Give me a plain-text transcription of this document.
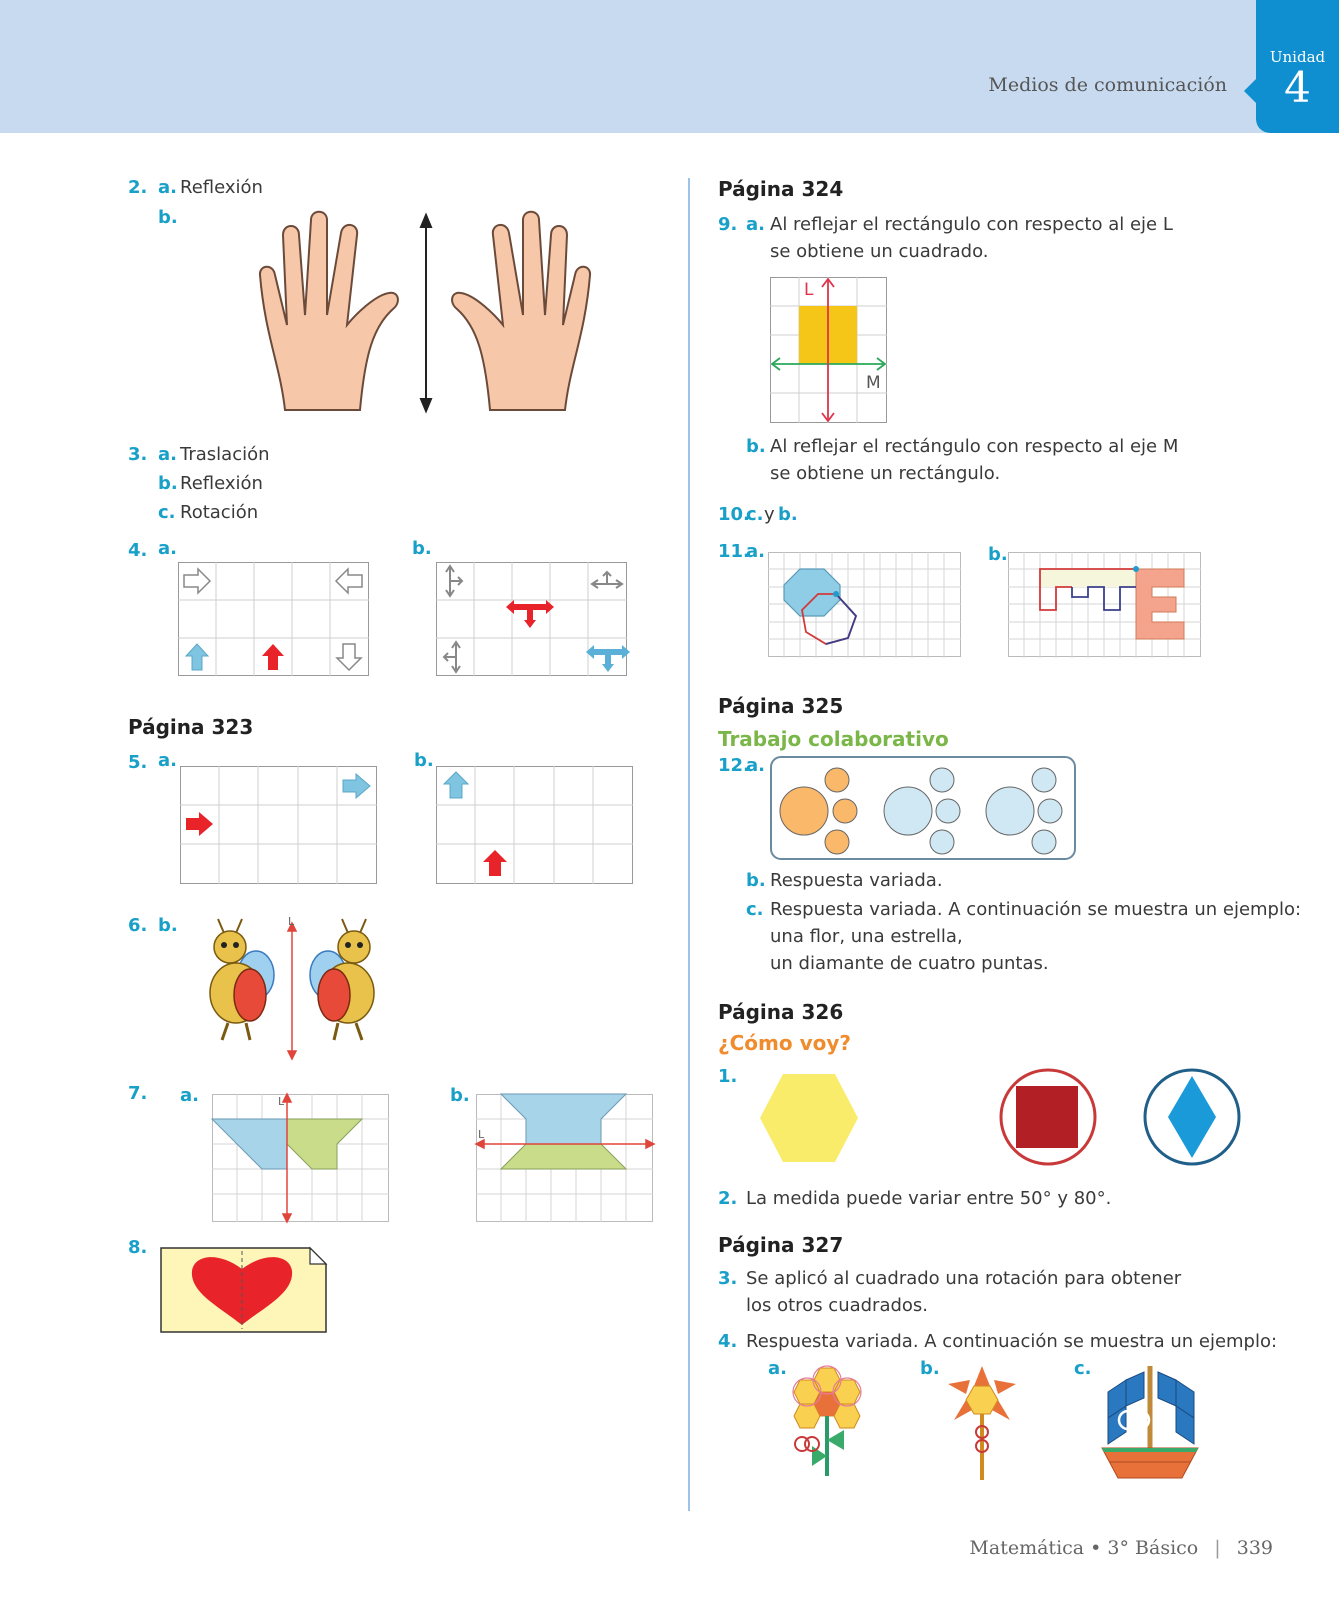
Medios de comunicación
Unidad
4
2. a. Reflexión
b.
3. a. Traslación
b. Reflexión
c. Rotación
4. a.	b.
Página 323
5. a.	b.
6. b.	L
7. a.	L	b.
L
8.
Página 324
9. a. Al reflejar el rectángulo con respecto al eje L
se obtiene un cuadrado.
L
M
b. Al reflejar el rectángulo con respecto al eje M
se obtiene un rectángulo.
10.
c. y b.
11.
a.	b.
Página 325
Trabajo colaborativo
12.
a.
b. Respuesta variada.
c. Respuesta variada. A continuación se muestra un ejemplo:
una flor, una estrella,
un diamante de cuatro puntas.
Página 326
¿Cómo voy?
1.
2. La medida puede variar entre 50° y 80°.
Página 327
3. Se aplicó al cuadrado una rotación para obtener
los otros cuadrados.
4. Respuesta variada. A continuación se muestra un ejemplo:
a.	b.	c.
Matemática • 3° Básico | 339
